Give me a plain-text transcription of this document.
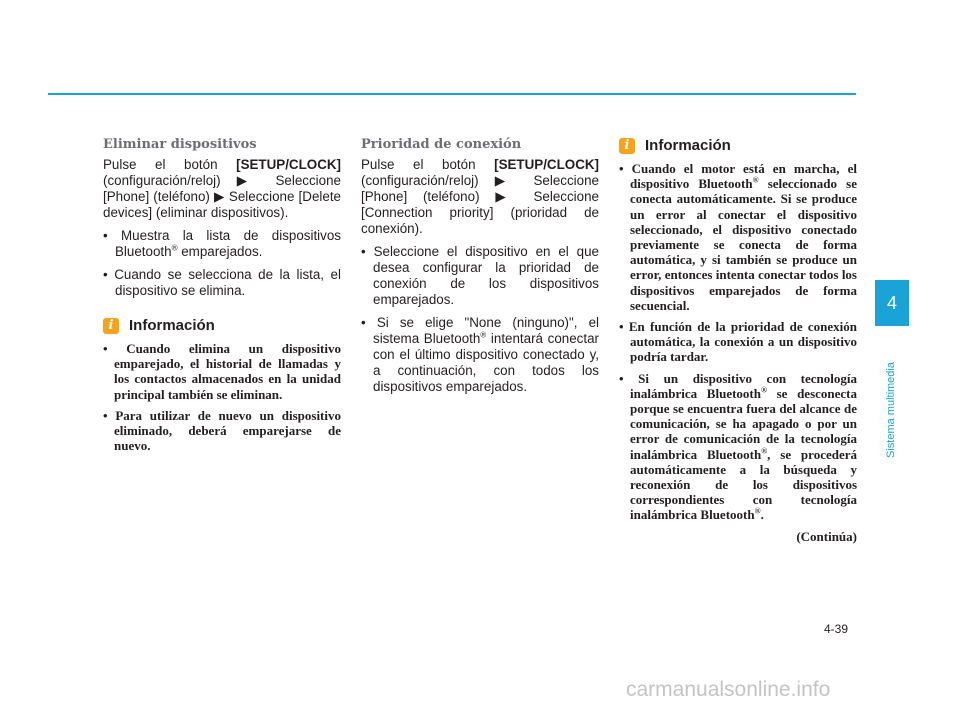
Eliminar dispositivos

Pulse el botón [SETUP/CLOCK] (configuración/reloj) ▶ Seleccione [Phone] (teléfono) ▶ Seleccione [Delete devices] (eliminar dispositivos).

• Muestra la lista de dispositivos Bluetooth® emparejados.
• Cuando se selecciona de la lista, el dispositivo se elimina.
i	Información
• Cuando elimina un dispositivo emparejado, el historial de llamadas y los contactos almacenados en la unidad principal también se eliminan.
• Para utilizar de nuevo un dispositivo eliminado, deberá emparejarse de nuevo.

Prioridad de conexión

Pulse el botón [SETUP/CLOCK] (configuración/reloj) ▶ Seleccione [Phone] (teléfono) ▶ Seleccione [Connection priority] (prioridad de conexión).

• Seleccione el dispositivo en el que desea configurar la prioridad de conexión de los dispositivos emparejados.
• Si se elige "None (ninguno)", el sistema Bluetooth® intentará conectar con el último dispositivo conectado y, a continuación, con todos los dispositivos emparejados.
i	Información
• Cuando el motor está en marcha, el dispositivo Bluetooth® seleccionado se conecta automáticamente. Si se produce un error al conectar el dispositivo seleccionado, el dispositivo conectado previamente se conecta de forma automática, y si también se produce un error, entonces intenta conectar todos los dispositivos emparejados de forma secuencial.
• En función de la prioridad de conexión automática, la conexión a un dispositivo podría tardar.
• Si un dispositivo con tecnología inalámbrica Bluetooth® se desconecta porque se encuentra fuera del alcance de comunicación, se ha apagado o por un error de comunicación de la tecnología inalámbrica Bluetooth®, se procederá automáticamente a la búsqueda y reconexión de los dispositivos correspondientes con tecnología inalámbrica Bluetooth®.
(Continúa)
4
Sistema multimedia
4-39
carmanualsonline.info
